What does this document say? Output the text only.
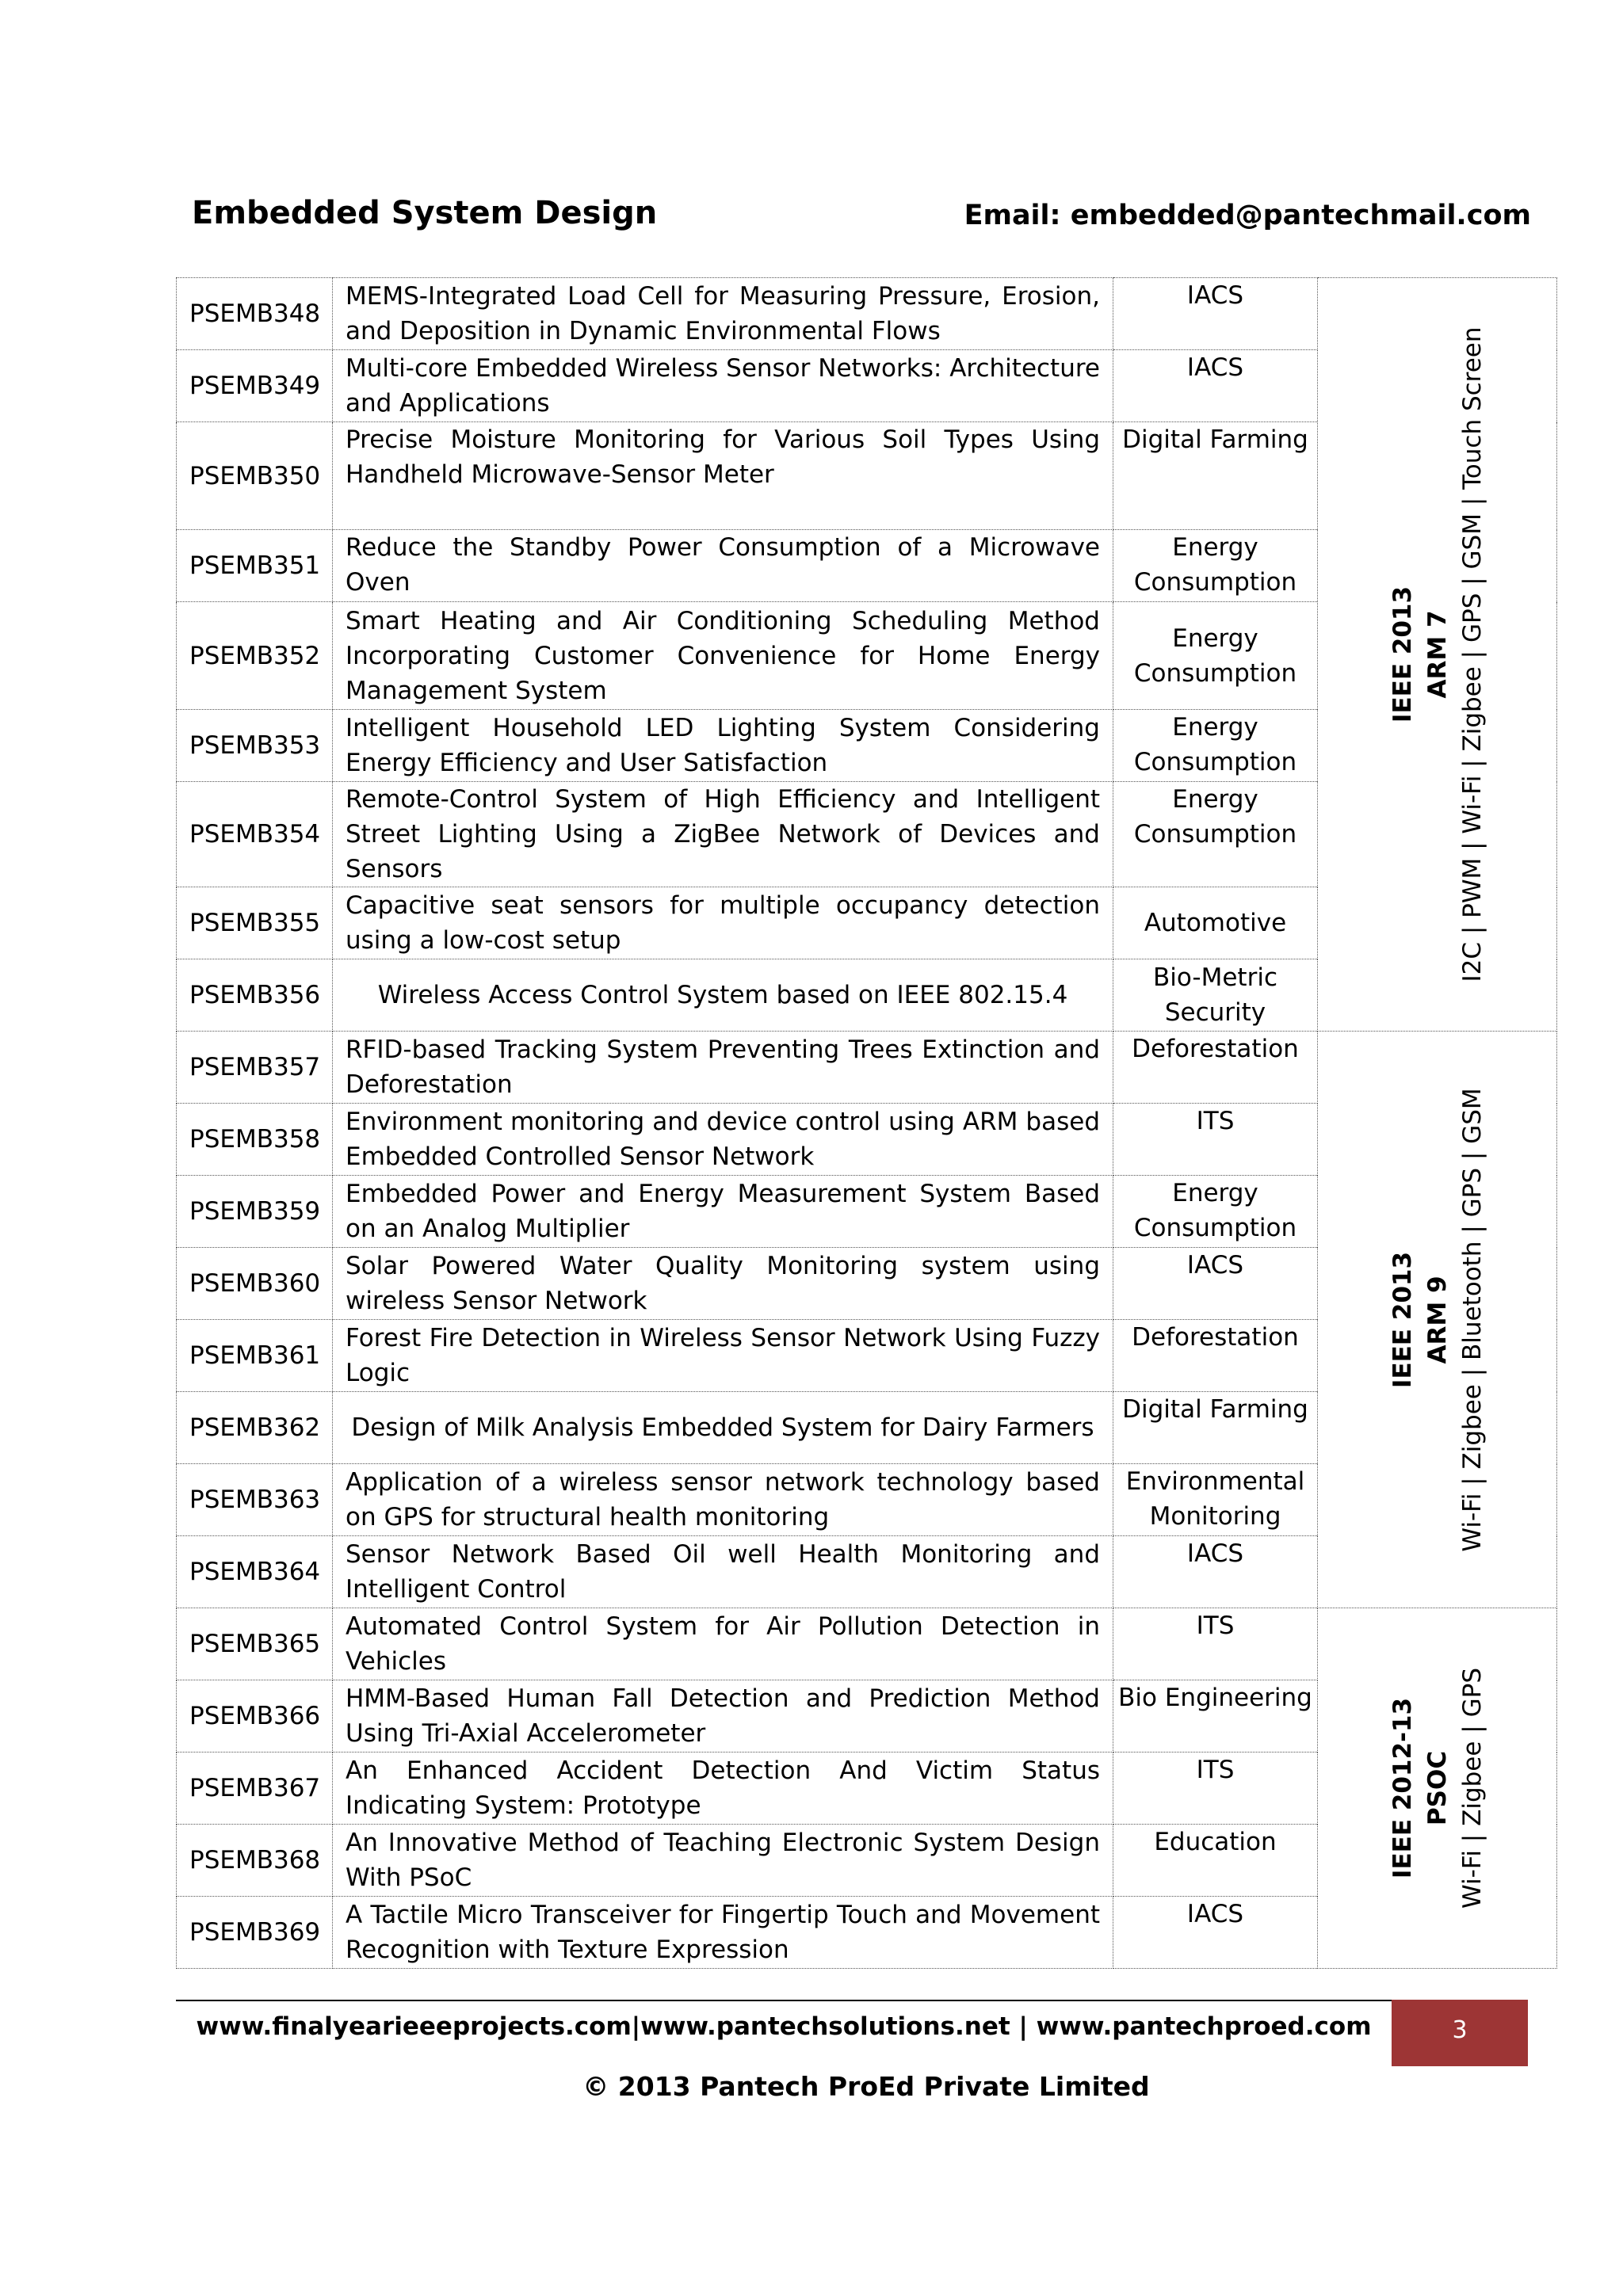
Embedded System Design	Email: embedded@pantechmail.com
PSEMB348	MEMS-Integrated Load Cell for Measuring Pressure, Erosion, and Deposition in Dynamic Environmental Flows	IACS	IEEE 2013 ARM 7 I2C | PWM | Wi-Fi | Zigbee | GPS | GSM | Touch Screen

PSEMB349	Multi-core Embedded Wireless Sensor Networks: Architecture and Applications	IACS	
PSEMB350	Precise Moisture Monitoring for Various Soil Types Using Handheld Microwave-Sensor Meter	Digital Farming	
PSEMB351	Reduce the Standby Power Consumption of a Microwave Oven	Energy Consumption	
PSEMB352	Smart Heating and Air Conditioning Scheduling Method Incorporating Customer Convenience for Home Energy Management System	Energy Consumption	
PSEMB353	Intelligent Household LED Lighting System Considering Energy Efficiency and User Satisfaction	Energy Consumption	
PSEMB354	Remote-Control System of High Efficiency and Intelligent Street Lighting Using a ZigBee Network of Devices and Sensors	Energy Consumption	
PSEMB355	Capacitive seat sensors for multiple occupancy detection using a low-cost setup	Automotive	
PSEMB356	Wireless Access Control System based on IEEE 802.15.4	Bio-Metric Security	
PSEMB357	RFID-based Tracking System Preventing Trees Extinction and Deforestation	Deforestation	IEEE 2013 ARM 9 Wi-Fi | Zigbee | Bluetooth | GPS | GSM

PSEMB358	Environment monitoring and device control using ARM based Embedded Controlled Sensor Network	ITS	
PSEMB359	Embedded Power and Energy Measurement System Based on an Analog Multiplier	Energy Consumption	
PSEMB360	Solar Powered Water Quality Monitoring system using wireless Sensor Network	IACS	
PSEMB361	Forest Fire Detection in Wireless Sensor Network Using Fuzzy Logic	Deforestation	
PSEMB362	Design of Milk Analysis Embedded System for Dairy Farmers	Digital Farming	
PSEMB363	Application of a wireless sensor network technology based on GPS for structural health monitoring	Environmental Monitoring	
PSEMB364	Sensor Network Based Oil well Health Monitoring and Intelligent Control	IACS	
PSEMB365	Automated Control System for Air Pollution Detection in Vehicles	ITS	IEEE 2012-13 PSOC Wi-Fi | Zigbee | GPS

PSEMB366	HMM-Based Human Fall Detection and Prediction Method Using Tri-Axial Accelerometer	Bio Engineering	
PSEMB367	An Enhanced Accident Detection And Victim Status Indicating System: Prototype	ITS	
PSEMB368	An Innovative Method of Teaching Electronic System Design With PSoC	Education	
PSEMB369	A Tactile Micro Transceiver for Fingertip Touch and Movement Recognition with Texture Expression	IACS	
www.finalyearieeeprojects.com|www.pantechsolutions.net | www.pantechproed.com	3
© 2013 Pantech ProEd Private Limited
